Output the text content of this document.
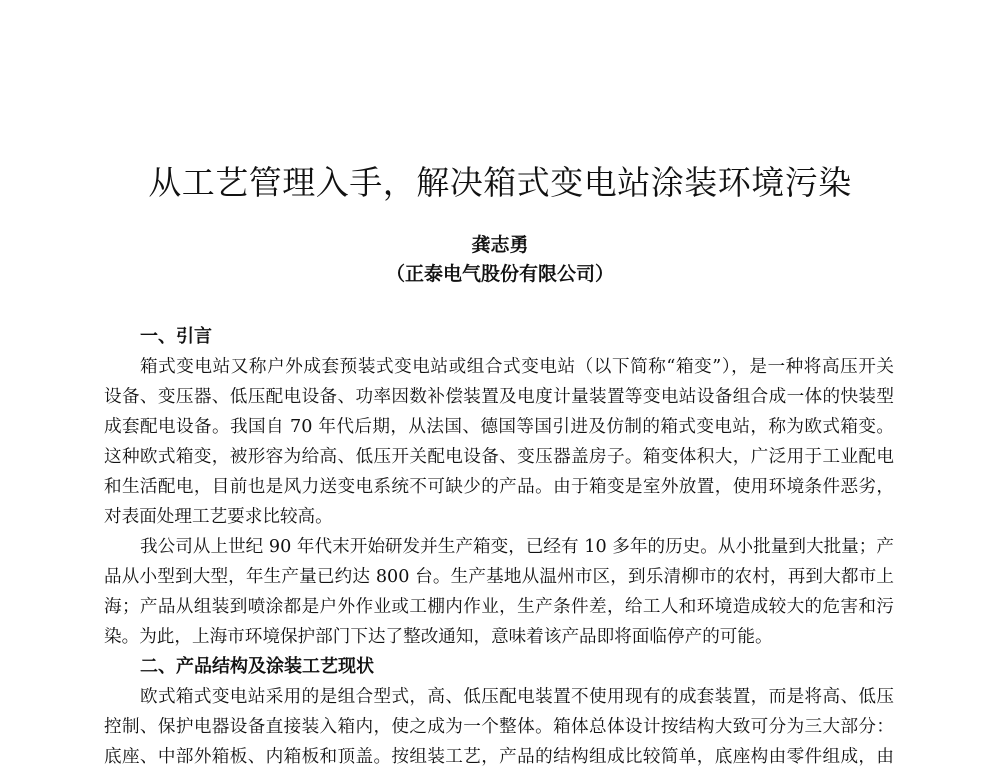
从工艺管理入手，解决箱式变电站涂装环境污染
龚志勇
（正泰电气股份有限公司）
一、引言
箱式变电站又称户外成套预装式变电站或组合式变电站（以下简称“箱变”），是一种将高压开关
设备、变压器、低压配电设备、功率因数补偿装置及电度计量装置等变电站设备组合成一体的快装型
成套配电设备。我国自 70 年代后期，从法国、德国等国引进及仿制的箱式变电站，称为欧式箱变。
这种欧式箱变，被形容为给高、低压开关配电设备、变压器盖房子。箱变体积大，广泛用于工业配电
和生活配电，目前也是风力送变电系统不可缺少的产品。由于箱变是室外放置，使用环境条件恶劣，
对表面处理工艺要求比较高。
我公司从上世纪 90 年代末开始研发并生产箱变，已经有 10 多年的历史。从小批量到大批量；产
品从小型到大型，年生产量已约达 800 台。生产基地从温州市区，到乐清柳市的农村，再到大都市上
海；产品从组装到喷涂都是户外作业或工棚内作业，生产条件差，给工人和环境造成较大的危害和污
染。为此，上海市环境保护部门下达了整改通知，意味着该产品即将面临停产的可能。
二、产品结构及涂装工艺现状
欧式箱式变电站采用的是组合型式，高、低压配电装置不使用现有的成套装置，而是将高、低压
控制、保护电器设备直接装入箱内，使之成为一个整体。箱体总体设计按结构大致可分为三大部分：
底座、中部外箱板、内箱板和顶盖。按组装工艺，产品的结构组成比较简单，底座构由零件组成，由
